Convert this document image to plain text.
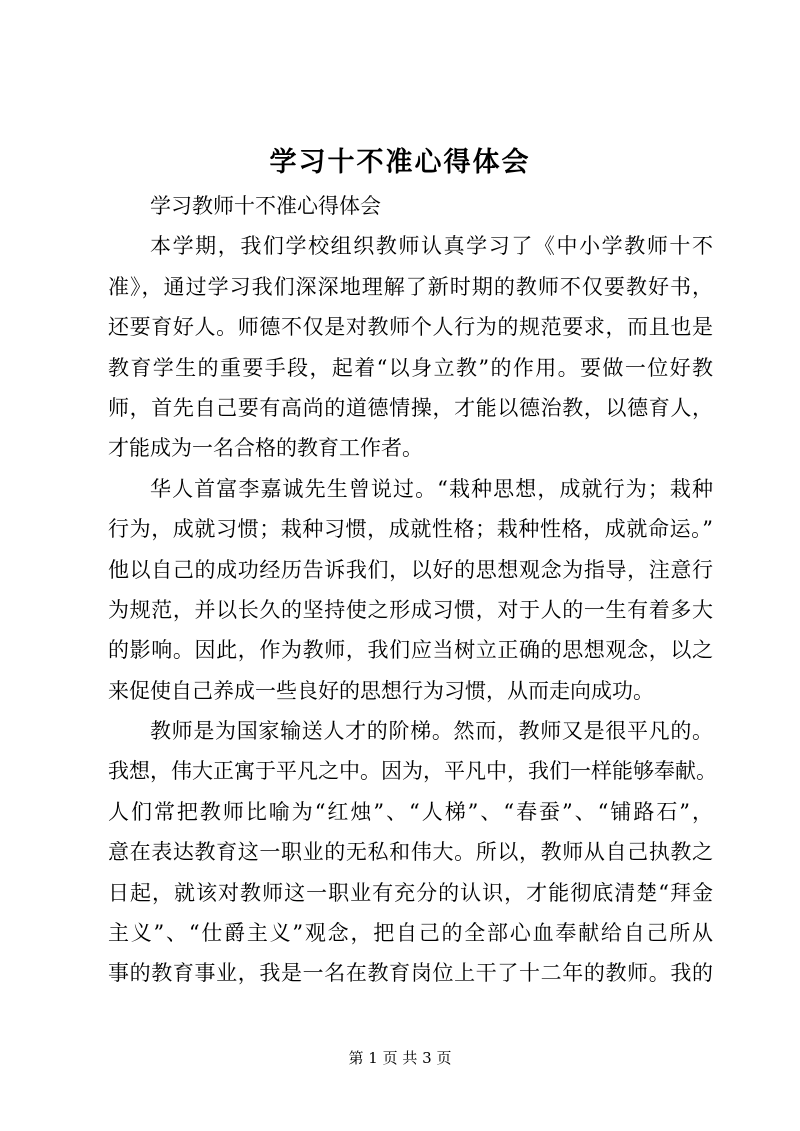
学习十不准心得体会
学习教师十不准心得体会
本学期，我们学校组织教师认真学习了《中小学教师十不
准》，通过学习我们深深地理解了新时期的教师不仅要教好书，
还要育好人。师德不仅是对教师个人行为的规范要求，而且也是
教育学生的重要手段，起着“以身立教”的作用。要做一位好教
师，首先自己要有高尚的道德情操，才能以德治教，以德育人，
才能成为一名合格的教育工作者。
华人首富李嘉诚先生曾说过。“栽种思想，成就行为；栽种
行为，成就习惯；栽种习惯，成就性格；栽种性格，成就命运。”
他以自己的成功经历告诉我们，以好的思想观念为指导，注意行
为规范，并以长久的坚持使之形成习惯，对于人的一生有着多大
的影响。因此，作为教师，我们应当树立正确的思想观念，以之
来促使自己养成一些良好的思想行为习惯，从而走向成功。
教师是为国家输送人才的阶梯。然而，教师又是很平凡的。
我想，伟大正寓于平凡之中。因为，平凡中，我们一样能够奉献。
人们常把教师比喻为“红烛”、“人梯”、“春蚕”、“铺路石”，
意在表达教育这一职业的无私和伟大。所以，教师从自己执教之
日起，就该对教师这一职业有充分的认识，才能彻底清楚“拜金
主义”、“仕爵主义”观念，把自己的全部心血奉献给自己所从
事的教育事业，我是一名在教育岗位上干了十二年的教师。我的
第 1 页 共 3 页
